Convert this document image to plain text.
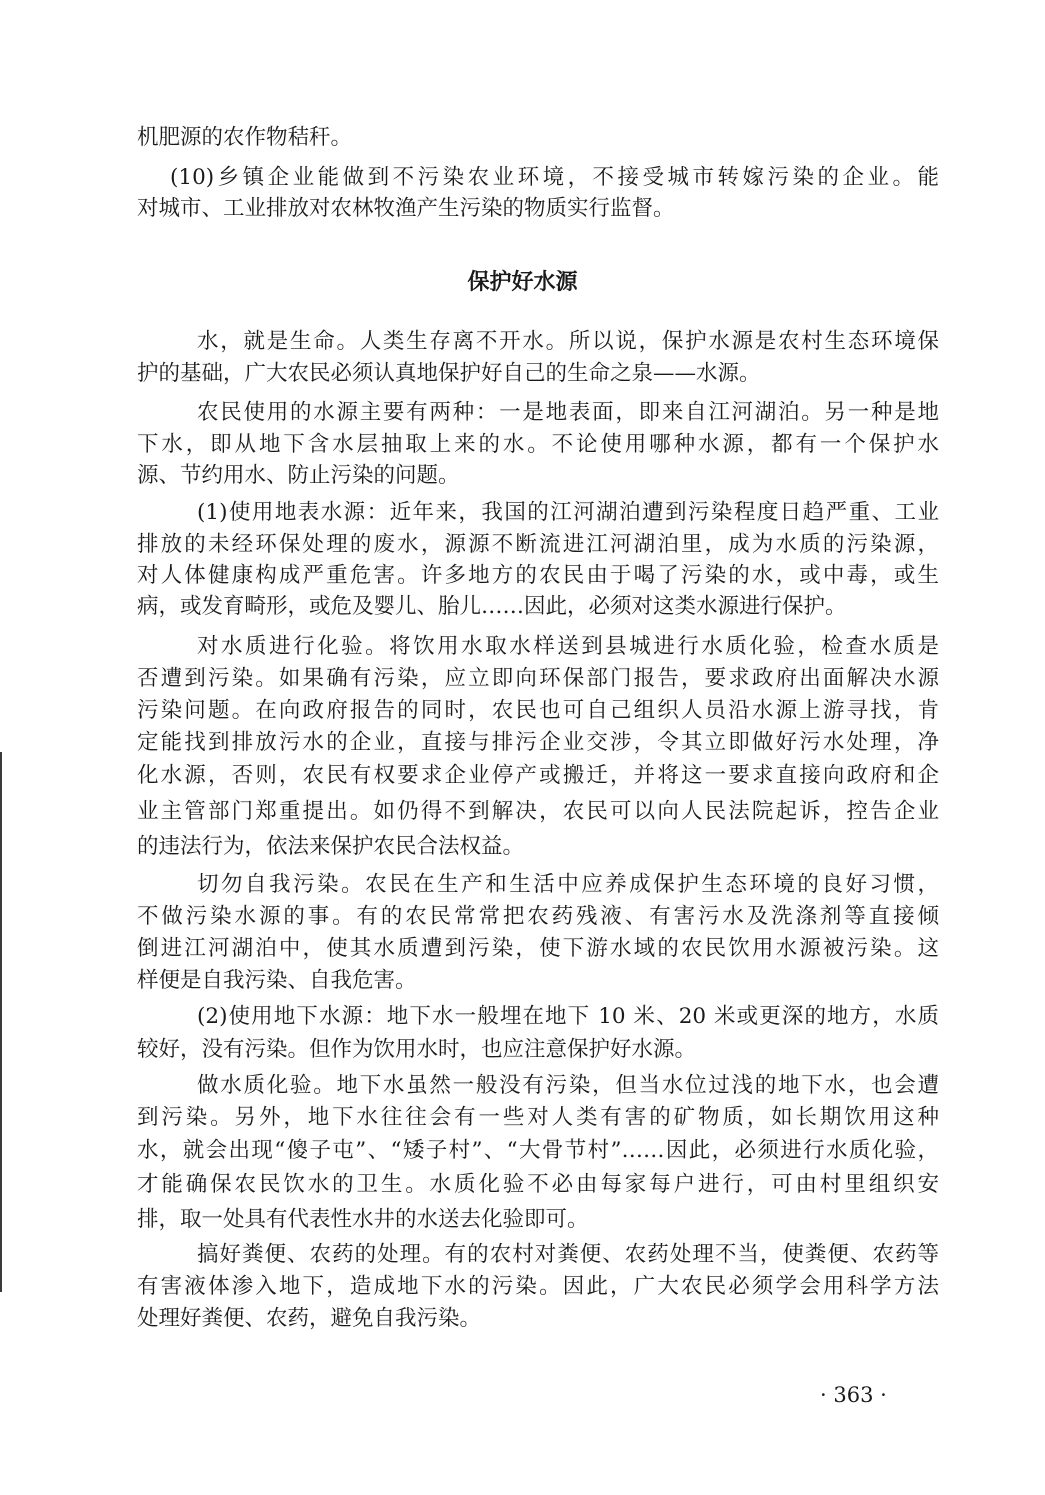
机肥源的农作物秸秆。
(10)乡镇企业能做到不污染农业环境，不接受城市转嫁污染的企业。能
对城市、工业排放对农林牧渔产生污染的物质实行监督。
保护好水源
水，就是生命。人类生存离不开水。所以说，保护水源是农村生态环境保
护的基础，广大农民必须认真地保护好自己的生命之泉——水源。
农民使用的水源主要有两种：一是地表面，即来自江河湖泊。另一种是地
下水，即从地下含水层抽取上来的水。不论使用哪种水源，都有一个保护水
源、节约用水、防止污染的问题。
(1)使用地表水源：近年来，我国的江河湖泊遭到污染程度日趋严重、工业
排放的未经环保处理的废水，源源不断流进江河湖泊里，成为水质的污染源，
对人体健康构成严重危害。许多地方的农民由于喝了污染的水，或中毒，或生
病，或发育畸形，或危及婴儿、胎儿……因此，必须对这类水源进行保护。
对水质进行化验。将饮用水取水样送到县城进行水质化验，检查水质是
否遭到污染。如果确有污染，应立即向环保部门报告，要求政府出面解决水源
污染问题。在向政府报告的同时，农民也可自己组织人员沿水源上游寻找，肯
定能找到排放污水的企业，直接与排污企业交涉，令其立即做好污水处理，净
化水源，否则，农民有权要求企业停产或搬迁，并将这一要求直接向政府和企
业主管部门郑重提出。如仍得不到解决，农民可以向人民法院起诉，控告企业
的违法行为，依法来保护农民合法权益。
切勿自我污染。农民在生产和生活中应养成保护生态环境的良好习惯，
不做污染水源的事。有的农民常常把农药残液、有害污水及洗涤剂等直接倾
倒进江河湖泊中，使其水质遭到污染，使下游水域的农民饮用水源被污染。这
样便是自我污染、自我危害。
(2)使用地下水源：地下水一般埋在地下 10 米、20 米或更深的地方，水质
较好，没有污染。但作为饮用水时，也应注意保护好水源。
做水质化验。地下水虽然一般没有污染，但当水位过浅的地下水，也会遭
到污染。另外，地下水往往会有一些对人类有害的矿物质，如长期饮用这种
水，就会出现“傻子屯”、“矮子村”、“大骨节村”……因此，必须进行水质化验，
才能确保农民饮水的卫生。水质化验不必由每家每户进行，可由村里组织安
排，取一处具有代表性水井的水送去化验即可。
搞好粪便、农药的处理。有的农村对粪便、农药处理不当，使粪便、农药等
有害液体渗入地下，造成地下水的污染。因此，广大农民必须学会用科学方法
处理好粪便、农药，避免自我污染。
· 363 ·
